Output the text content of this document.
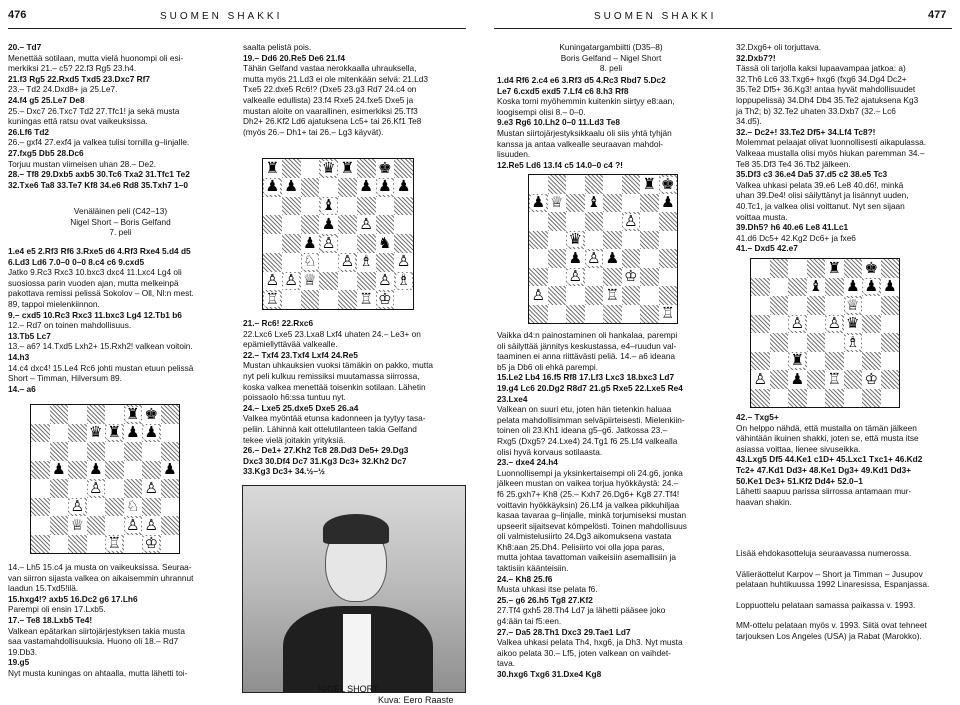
476	SUOMEN SHAKKI	SUOMEN SHAKKI	477

20.– Td7

Menettää sotilaan, mutta vielä huonompi oli esi-

merkiksi 21.– c5? 22.f3 Rg5 23.h4.

21.f3 Rg5 22.Rxd5 Txd5 23.Dxc7 Rf7

23.– Td2 24.Dxd8+ ja 25.Le7.

24.f4 g5 25.Le7 De8

25.– Dxc7 26.Txc7 Td2 27.Tfc1! ja sekä musta

kuningas että ratsu ovat vaikeuksissa.

26.Lf6 Td2

26.– gxf4 27.exf4 ja valkea tulisi tornilla g–linjalle.

27.fxg5 Db5 28.Dc6

Torjuu mustan viimeisen uhan 28.– De2.

28.– Tf8 29.Dxb5 axb5 30.Tc6 Txa2 31.Tfc1 Te2

32.Txe6 Ta8 33.Te7 Kf8 34.e6 Rd8 35.Txh7 1–0

Venäläinen peli (C42–13)

Nigel Short – Boris Gelfand

7. peli

1.e4 e5 2.Rf3 Rf6 3.Rxe5 d6 4.Rf3 Rxe4 5.d4 d5

6.Ld3 Ld6 7.0–0 0–0 8.c4 c6 9.cxd5

Jatko 9.Rc3 Rxc3 10.bxc3 dxc4 11.Lxc4 Lg4 oli

suosiossa parin vuoden ajan, mutta melkeinpä

pakottava remissi pelissä Sokolov – Oll, Nl:n mest.

89, tappoi mielenkiinnon.

9.– cxd5 10.Rc3 Rxc3 11.bxc3 Lg4 12.Tb1 b6

12.– Rd7 on toinen mahdollisuus.

13.Tb5 Lc7

13.– a6? 14.Txd5 Lxh2+ 15.Rxh2! valkean voitoin.

14.h3

14.c4 dxc4! 15.Le4 Rc6 johti mustan etuun pelissä

Short – Timman, Hilversum 89.

14.– a6

♜ ♚
♛ ♜ ♟ ♟
♟ ♟	♟
♙	♙
♙	♘
♕	♙ ♙
♖ ♔

14.– Lh5 15.c4 ja musta on vaikeuksissa. Seuraa-

van siirron sijasta valkea on aikaisemmin uhrannut

laadun 15.Txd5!ilä.

15.hxg4!? axb5 16.Dc2 g6 17.Lh6

Parempi oli ensin 17.Lxb5.

17.– Te8 18.Lxb5 Te4!

Valkean epätarkan siirtojärjestyksen takia musta

saa vastamahdollisuuksia. Huono oli 18.– Rd7

19.Db3.

19.g5

Nyt musta kuningas on ahtaalla, mutta lähetti toi-

saalta pelistä pois.

19.– Dd6 20.Re5 De6 21.f4

Tähän Gelfand vastaa nerokkaalla uhrauksella,

mutta myös 21.Ld3 ei ole mitenkään selvä: 21.Ld3

Txe5 22.dxe5 Rc6!? (Dxe5 23.g3 Rd7 24.c4 on

valkealle edullista) 23.f4 Rxe5 24.fxe5 Dxe5 ja

mustan aloite on vaarallinen, esimerkiksi 25.Tf3

Dh2+ 26.Kf2 Ld6 ajatuksena Lc5+ tai 26.Kf1 Te8

(myös 26.– Dh1+ tai 26.– Lg3 käyvät).

♜	♛ ♜ ♚
♟ ♟	♟ ♟ ♟
♝
♟ ♙
♟ ♙	♞
♘ ♙ ♗ ♙
♙ ♙ ♕	♙ ♗
♖	♖ ♔

21.– Rc6! 22.Rxc6

22.Lxc6 Lxe5 23.Lxa8 Lxf4 uhaten 24.– Le3+ on

epämiellyttävää valkealle.

22.– Txf4 23.Txf4 Lxf4 24.Re5

Mustan uhkauksien vuoksi tämäkin on pakko, mutta

nyt peli kulkuu remissiksi muutamassa siirrossa,

koska valkea menettää toisenkin sotilaan. Lähetin

poissaolo h6:ssa tuntuu nyt.

24.– Lxe5 25.dxe5 Dxe5 26.a4

Valkea myöntää etunsa kadonneen ja tyytyy tasa-

peliin. Lähinnä kait ottelutilanteen takia Gelfand

tekee vielä joitakin yrityksiä.

26.– De1+ 27.Kh2 Tc8 28.Dd3 De5+ 29.Dg3

Dxc3 30.Df4 Dc7 31.Kg3 Dc3+ 32.Kh2 Dc7

33.Kg3 Dc3+ 34.½–½

NIGEL SHORT
Kuva: Eero Raaste

Kuningatargambiitti (D35–8)

Boris Gelfand – Nigel Short

8. peli

1.d4 Rf6 2.c4 e6 3.Rf3 d5 4.Rc3 Rbd7 5.Dc2

Le7 6.cxd5 exd5 7.Lf4 c6 8.h3 Rf8

Koska torni myöhemmin kuitenkin siirtyy e8:aan,

loogisempi olisi 8.– 0–0.

9.e3 Rg6 10.Lh2 0–0 11.Ld3 Te8

Mustan siirtojärjestyksikkaalu oli siis yhtä tyhjän

kanssa ja antaa valkealle seuraavan mahdol-

lisuuden.

12.Re5 Ld6 13.f4 c5 14.0–0 c4 ?!

♜ ♚
♟ ♕ ♝	♟
♙
♛
♟ ♙ ♟
♙	♔
♙	♖
♖

Vaikka d4:n painostaminen oli hankalaa, parempi

oli säilyttää jännitys keskustassa, e4–ruudun val-

taaminen ei anna riittävästi peliä. 14.– a6 ideana

b5 ja Db6 oli ehkä parempi.

15.Le2 Lb4 16.f5 Rf8 17.Lf3 Lxc3 18.bxc3 Ld7

19.g4 Lc6 20.Dg2 R8d7 21.g5 Rxe5 22.Lxe5 Re4

23.Lxe4

Valkean on suuri etu, joten hän tietenkin haluaa

pelata mahdollisimman selväpiirteisesti. Mielenkiin-

toinen oli 23.Kh1 ideana g5–g6. Jatkossa 23.–

Rxg5 (Dxg5? 24.Lxe4) 24.Tg1 f6 25.Lf4 valkealla

olisi hyvä korvaus sotilaasta.

23.– dxe4 24.h4

Luonnollisempi ja yksinkertaisempi oli 24.g6, jonka

jälkeen mustan on vaikea torjua hyökkäystä: 24.–

f6 25.gxh7+ Kh8 (25.– Kxh7 26.Dg6+ Kg8 27.Tf4!

voittavin hyökkäyksin) 26.Lf4 ja valkea pikkuhiljaa

kasaa tavaraa g–linjalle, minkä torjumiseksi mustan

upseerit sijaitsevat kömpelösti. Toinen mahdollisuus

oli valmistelusiirto 24.Dg3 aikomuksena vastata

Kh8:aan 25.Dh4. Pelisiirto voi olla jopa paras,

mutta johtaa tavattoman vaikeisiin asemallisiin ja

taktisiin käänteisiin.

24.– Kh8 25.f6

Musta uhkasi itse pelata f6.

25.– g6 26.h5 Tg8 27.Kf2

27.Tf4 gxh5 28.Th4 Ld7 ja lähetti pääsee joko

g4:ään tai f5:een.

27.– Da5 28.Th1 Dxc3 29.Tae1 Ld7

Valkea uhkasi pelata Th4, hxg6, ja Dh3. Nyt musta

aikoo pelata 30.– Lf5, joten valkean on vaihdet-

tava.

30.hxg6 Txg6 31.Dxe4 Kg8

32.Dxg6+ oli torjuttava.

32.Dxb7?!

Tässä oli tarjolla kaksi lupaavampaa jatkoa: a)

32.Th6 Lc6 33.Txg6+ hxg6 (fxg6 34.Dg4 Dc2+

35.Te2 Df5+ 36.Kg3! antaa hyvät mahdollisuudet

loppupelissä) 34.Dh4 Db4 35.Te2 ajatuksena Kg3

ja Th2; b) 32.Te2 uhaten 33.Dxb7 (32.– Lc6

34.d5).

32.– Dc2+! 33.Te2 Df5+ 34.Lf4 Tc8?!

Molemmat pelaajat olivat luonnollisesti aikapulassa.

Valkeaa mustalla olisi myös hiukan paremman 34.–

Te8 35.Df3 Te4 36.Tb2 jälkeen.

35.Df3 c3 36.e4 Da5 37.d5 c2 38.e5 Tc3

Valkea uhkasi pelata 39.e6 Le8 40.d6!, minkä

uhan 39.De4! olisi säilyttänyt ja lisännyt uuden,

40.Tc1, ja valkea olisi voittanut. Nyt sen sijaan

voittaa musta.

39.Dh5? h6 40.e6 Le8 41.Lc1

41.d6 Dc5+ 42.Kg2 Dc6+ ja fxe6

41.– Dxd5 42.e7

♜ ♚
♝ ♟ ♟ ♟
♕
♙ ♙ ♛
♗
♜
♙ ♟ ♖ ♔

42.– Txg5+

On helppo nähdä, että mustalla on tämän jälkeen

vähintään ikuinen shakki, joten se, että musta itse

asiassa voittaa, lienee sivuseikka.

43.Lxg5 Df5 44.Ke1 c1D+ 45.Lxc1 Txc1+ 46.Kd2

Tc2+ 47.Kd1 Dd3+ 48.Ke1 Dg3+ 49.Kd1 Dd3+

50.Ke1 Dc3+ 51.Kf2 Dd4+ 52.0–1

Lähetti saapuu parissa siirrossa antamaan mur-

haavan shakin.

Lisää ehdokasotteluja seuraavassa numerossa.

Välieräottelut Karpov – Short ja Timman – Jusupov pelataan huhtikuussa 1992 Linaresissa, Espanjassa.

Loppuottelu pelataan samassa paikassa v. 1993.

MM-ottelu pelataan myös v. 1993. Siitä ovat tehneet tarjouksen Los Angeles (USA) ja Rabat (Marokko).
